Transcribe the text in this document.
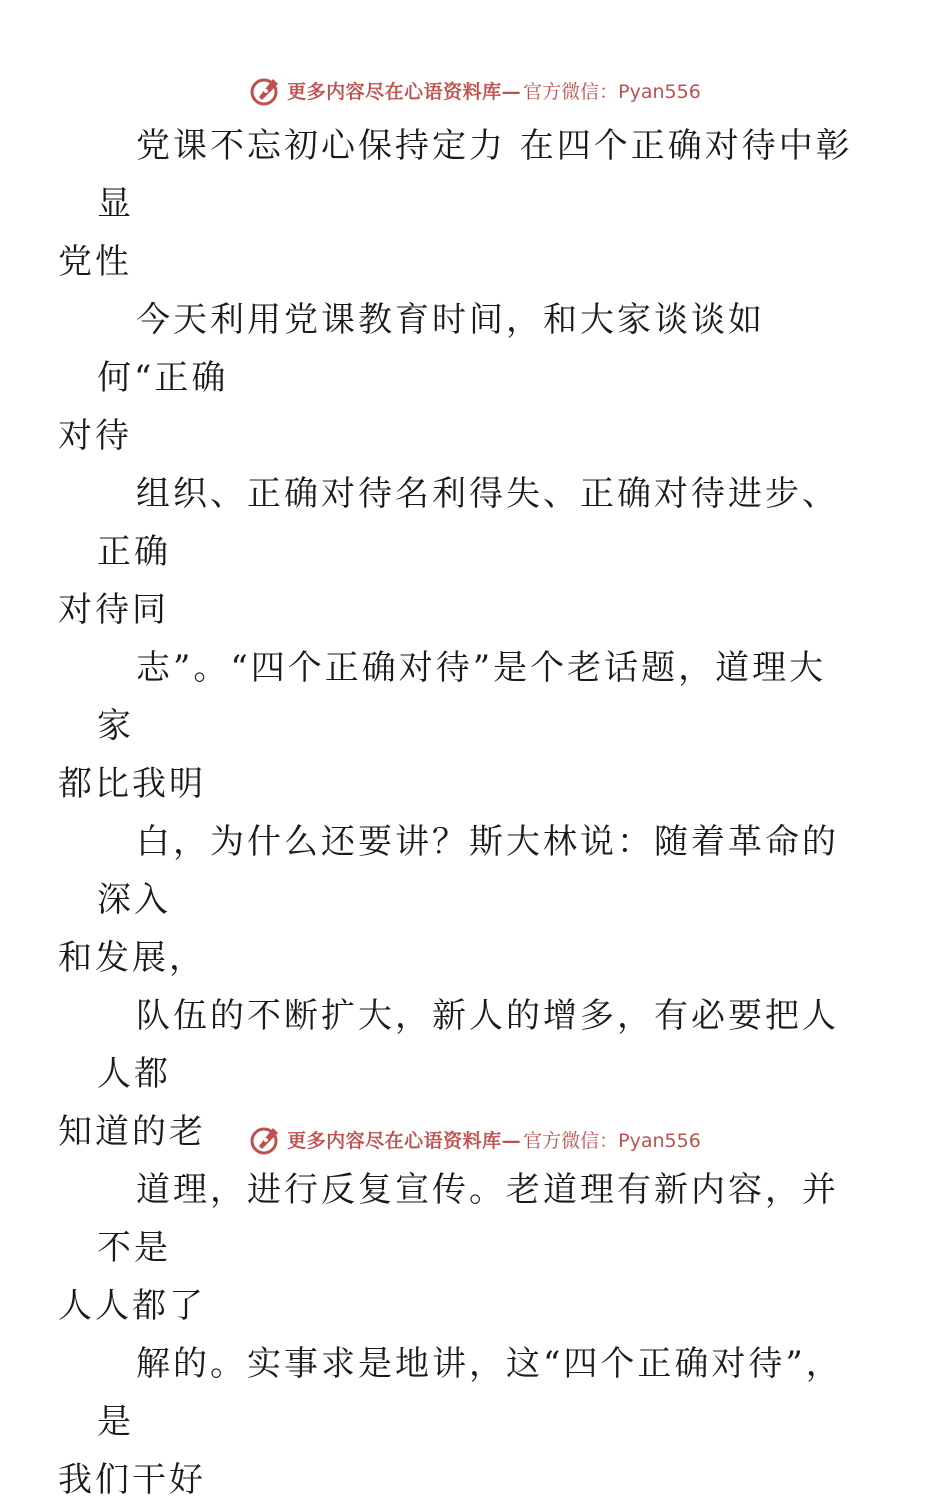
更多内容尽在心语资料库— 官方微信：Pyan556

党课不忘初心保持定力 在四个正确对待中彰显
党性

今天利用党课教育时间，和大家谈谈如何“正确
对待

组织、正确对待名利得失、正确对待进步、正确
对待同

志”。“四个正确对待”是个老话题，道理大家
都比我明

白，为什么还要讲？斯大林说：随着革命的深入
和发展，

队伍的不断扩大，新人的增多，有必要把人人都
知道的老

道理，进行反复宣传。老道理有新内容，并不是
人人都了

解的。实事求是地讲，这“四个正确对待”，是
我们干好

更多内容尽在心语资料库— 官方微信：Pyan556
